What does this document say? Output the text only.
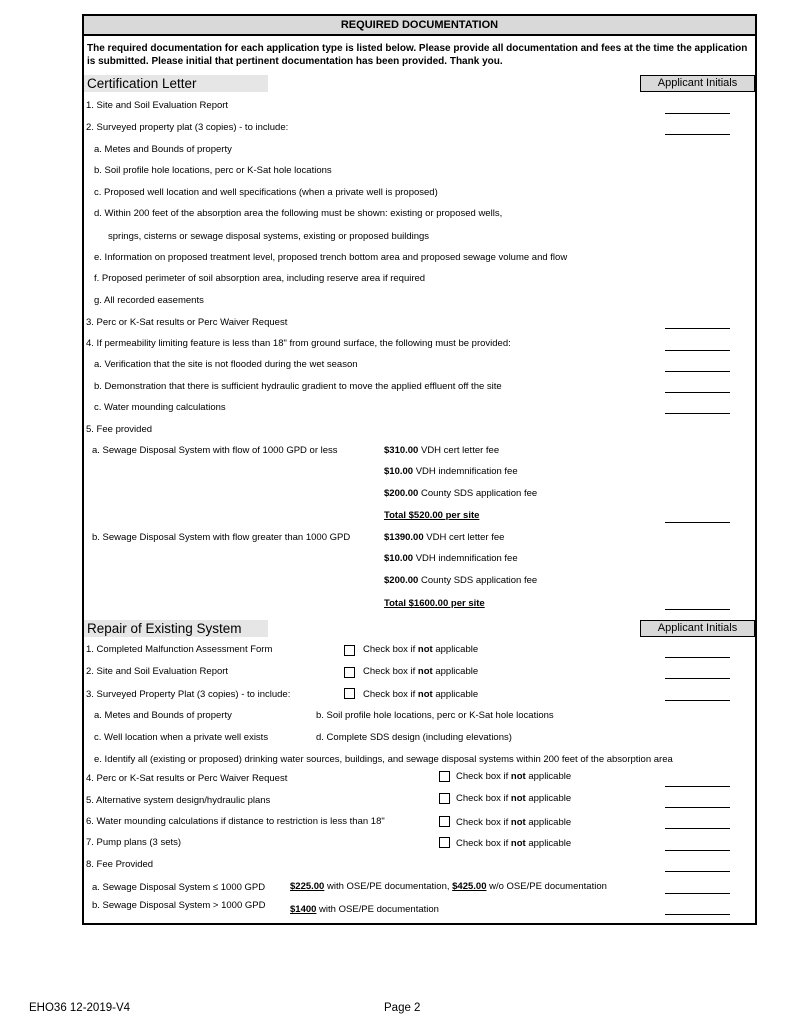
REQUIRED DOCUMENTATION
The required documentation for each application type is listed below. Please provide all documentation and fees at the time the application is submitted. Please initial that pertinent documentation has been provided. Thank you.
Certification Letter	Applicant Initials
1. Site and Soil Evaluation Report
2. Surveyed property plat (3 copies) - to include:
a. Metes and Bounds of property
b. Soil profile hole locations, perc or K-Sat hole locations
c. Proposed well location and well specifications (when a private well is proposed)
d. Within 200 feet of the absorption area the following must be shown: existing or proposed wells,
springs, cisterns or sewage disposal systems, existing or proposed buildings
e. Information on proposed treatment level, proposed trench bottom area and proposed sewage volume and flow
f. Proposed perimeter of soil absorption area, including reserve area if required
g. All recorded easements
3. Perc or K-Sat results or Perc Waiver Request
4. If permeability limiting feature is less than 18" from ground surface, the following must be provided:
a. Verification that the site is not flooded during the wet season
b. Demonstration that there is sufficient hydraulic gradient to move the applied effluent off the site
c. Water mounding calculations
5. Fee provided
a. Sewage Disposal System with flow of 1000 GPD or less	$310.00 VDH cert letter fee
$10.00 VDH indemnification fee
$200.00 County SDS application fee
Total $520.00 per site
b. Sewage Disposal System with flow greater than 1000 GPD	$1390.00 VDH cert letter fee
$10.00 VDH indemnification fee
$200.00 County SDS application fee
Total $1600.00 per site
Repair of Existing System	Applicant Initials
1. Completed Malfunction Assessment Form	Check box if not applicable
2. Site and Soil Evaluation Report	Check box if not applicable
3. Surveyed Property Plat (3 copies) - to include:	Check box if not applicable
a. Metes and Bounds of property	b. Soil profile hole locations, perc or K-Sat hole locations
c. Well location when a private well exists	d. Complete SDS design (including elevations)
e. Identify all (existing or proposed) drinking water sources, buildings, and sewage disposal systems within 200 feet of the absorption area
4. Perc or K-Sat results or Perc Waiver Request	Check box if not applicable
5. Alternative system design/hydraulic plans	Check box if not applicable
6. Water mounding calculations if distance to restriction is less than 18"	Check box if not applicable
7. Pump plans (3 sets)	Check box if not applicable
8. Fee Provided
a. Sewage Disposal System ≤ 1000 GPD	$225.00 with OSE/PE documentation, $425.00 w/o OSE/PE documentation
b. Sewage Disposal System > 1000 GPD	$1400 with OSE/PE documentation
EHO36 12-2019-V4	Page 2
